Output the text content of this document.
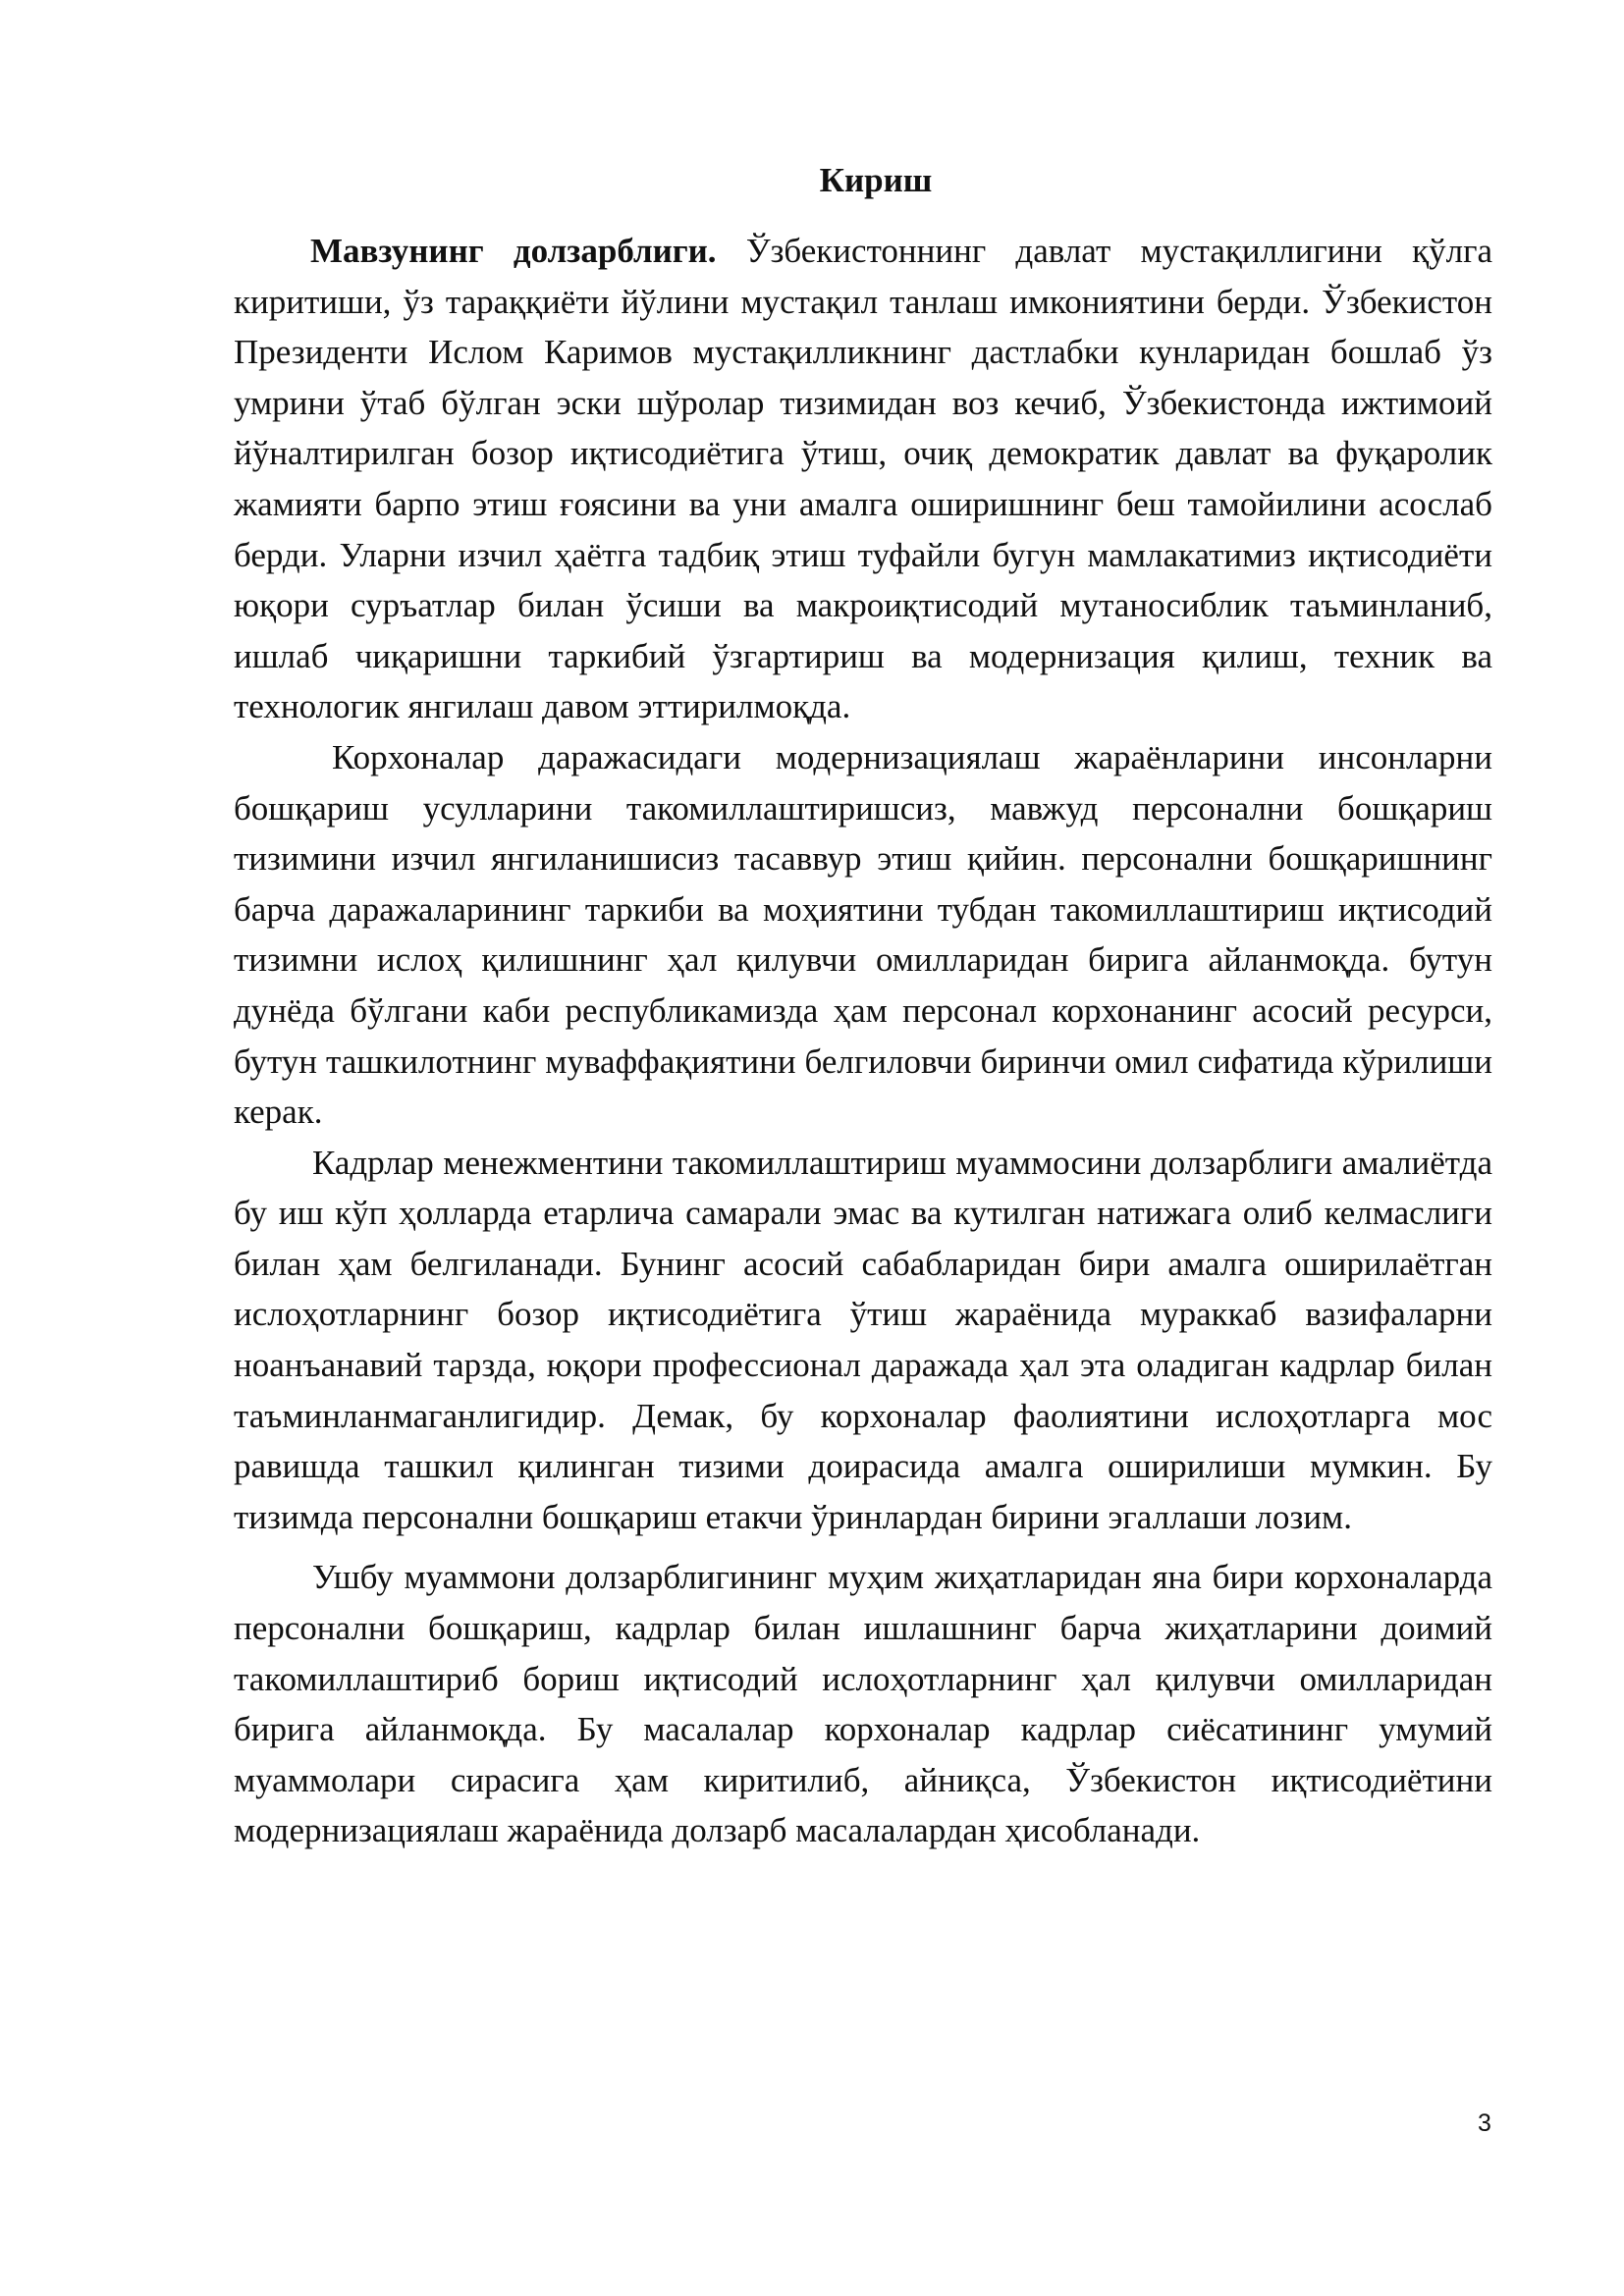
Кириш

Мавзунинг долзарблиги. Ўзбекистоннинг давлат мустақиллигини қўлга киритиши, ўз тараққиёти йўлини мустақил танлаш имкониятини берди. Ўзбекистон Президенти Ислом Каримов мустақилликнинг дастлабки кунларидан бошлаб ўз умрини ўтаб бўлган эски шўролар тизимидан воз кечиб, Ўзбекистонда ижтимоий йўналтирилган бозор иқтисодиётига ўтиш, очиқ демократик давлат ва фуқаролик жамияти барпо этиш ғоясини ва уни амалга оширишнинг беш тамойилини асослаб берди. Уларни изчил ҳаётга тадбиқ этиш туфайли бугун мамлакатимиз иқтисодиёти юқори суръатлар билан ўсиши ва макроиқтисодий мутаносиблик таъминланиб, ишлаб чиқаришни таркибий ўзгартириш ва модернизация қилиш, техник ва технологик янгилаш давом эттирилмоқда.

Корхоналар даражасидаги модернизациялаш жараёнларини инсонларни бошқариш усулларини такомиллаштиришсиз, мавжуд персонални бошқариш тизимини изчил янгиланишисиз тасаввур этиш қийин. персонални бошқаришнинг барча даражаларининг таркиби ва моҳиятини тубдан такомиллаштириш иқтисодий тизимни ислоҳ қилишнинг ҳал қилувчи омилларидан бирига айланмоқда. бутун дунёда бўлгани каби республикамизда ҳам персонал корхонанинг асосий ресурси, бутун ташкилотнинг муваффақиятини белгиловчи биринчи омил сифатида кўрилиши керак.

Кадрлар менежментини такомиллаштириш муаммосини долзарблиги амалиётда бу иш кўп ҳолларда етарлича самарали эмас ва кутилган натижага олиб келмаслиги билан ҳам белгиланади. Бунинг асосий сабабларидан бири амалга оширилаётган ислоҳотларнинг бозор иқтисодиётига ўтиш жараёнида мураккаб вазифаларни ноанъанавий тарзда, юқори профессионал даражада ҳал эта оладиган кадрлар билан таъминланмаганлигидир. Демак, бу корхоналар фаолиятини ислоҳотларга мос равишда ташкил қилинган тизими доирасида амалга оширилиши мумкин. Бу тизимда персонални бошқариш етакчи ўринлардан бирини эгаллаши лозим.

Ушбу муаммони долзарблигининг муҳим жиҳатларидан яна бири корхоналарда персонални бошқариш, кадрлар билан ишлашнинг барча жиҳатларини доимий такомиллаштириб бориш иқтисодий ислоҳотларнинг ҳал қилувчи омилларидан бирига айланмоқда. Бу масалалар корхоналар кадрлар сиёсатининг умумий муаммолари сирасига ҳам киритилиб, айниқса, Ўзбекистон иқтисодиётини модернизациялаш жараёнида долзарб масалалардан ҳисобланади.

3
